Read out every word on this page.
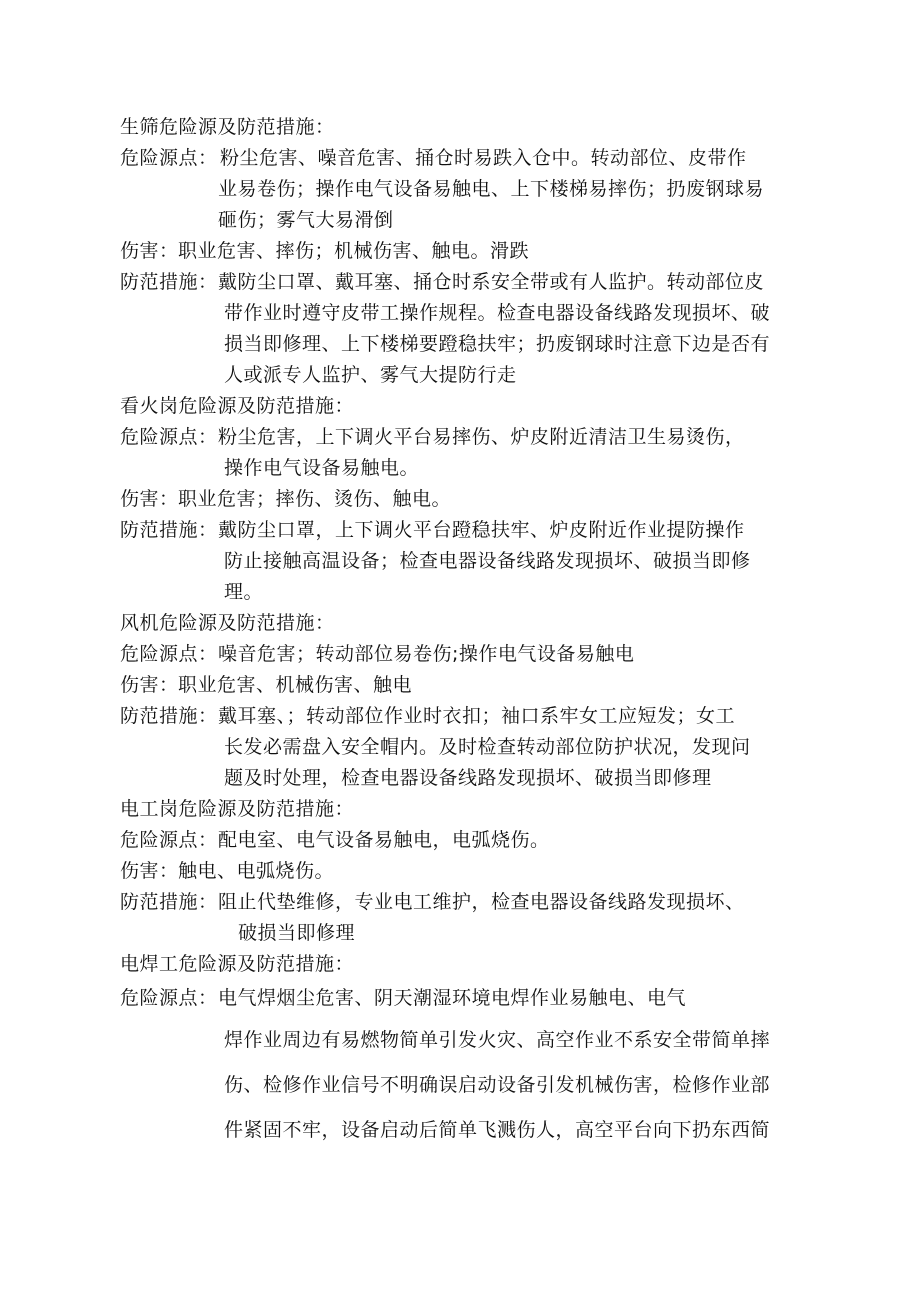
生筛危险源及防范措施：
危险源点： 粉尘危害、噪音危害、捅仓时易跌入仓中。转动部位、皮带作
业易卷伤；操作电气设备易触电、上下楼梯易摔伤；扔废钢球易
砸伤；雾气大易滑倒
伤害： 职业危害、摔伤；机械伤害、触电。滑跌
防范措施： 戴防尘口罩、戴耳塞、捅仓时系安全带或有人监护。转动部位皮
带作业时遵守皮带工操作规程。检查电器设备线路发现损坏、破
损当即修理、上下楼梯要蹬稳扶牢；扔废钢球时注意下边是否有
人或派专人监护、雾气大提防行走
看火岗危险源及防范措施：
危险源点： 粉尘危害，上下调火平台易摔伤、炉皮附近清洁卫生易烫伤，
操作电气设备易触电。
伤害： 职业危害；摔伤、烫伤、触电。
防范措施： 戴防尘口罩，上下调火平台蹬稳扶牢、炉皮附近作业提防操作
防止接触高温设备；检查电器设备线路发现损坏、破损当即修
理。
风机危险源及防范措施：
危险源点： 噪音危害；转动部位易卷伤;操作电气设备易触电
伤害： 职业危害、机械伤害、触电
防范措施： 戴耳塞、；转动部位作业时衣扣；袖口系牢女工应短发；女工
长发必需盘入安全帽内。及时检查转动部位防护状况，发现问
题及时处理，检查电器设备线路发现损坏、破损当即修理
电工岗危险源及防范措施：
危险源点： 配电室、电气设备易触电，电弧烧伤。
伤害： 触电、电弧烧伤。
防范措施： 阻止代垫维修，专业电工维护，检查电器设备线路发现损坏、
破损当即修理
电焊工危险源及防范措施：
危险源点： 电气焊烟尘危害、阴天潮湿环境电焊作业易触电、电气
焊作业周边有易燃物简单引发火灾、高空作业不系安全带简单摔
伤、检修作业信号不明确误启动设备引发机械伤害，检修作业部
件紧固不牢，设备启动后简单飞溅伤人，高空平台向下扔东西简
